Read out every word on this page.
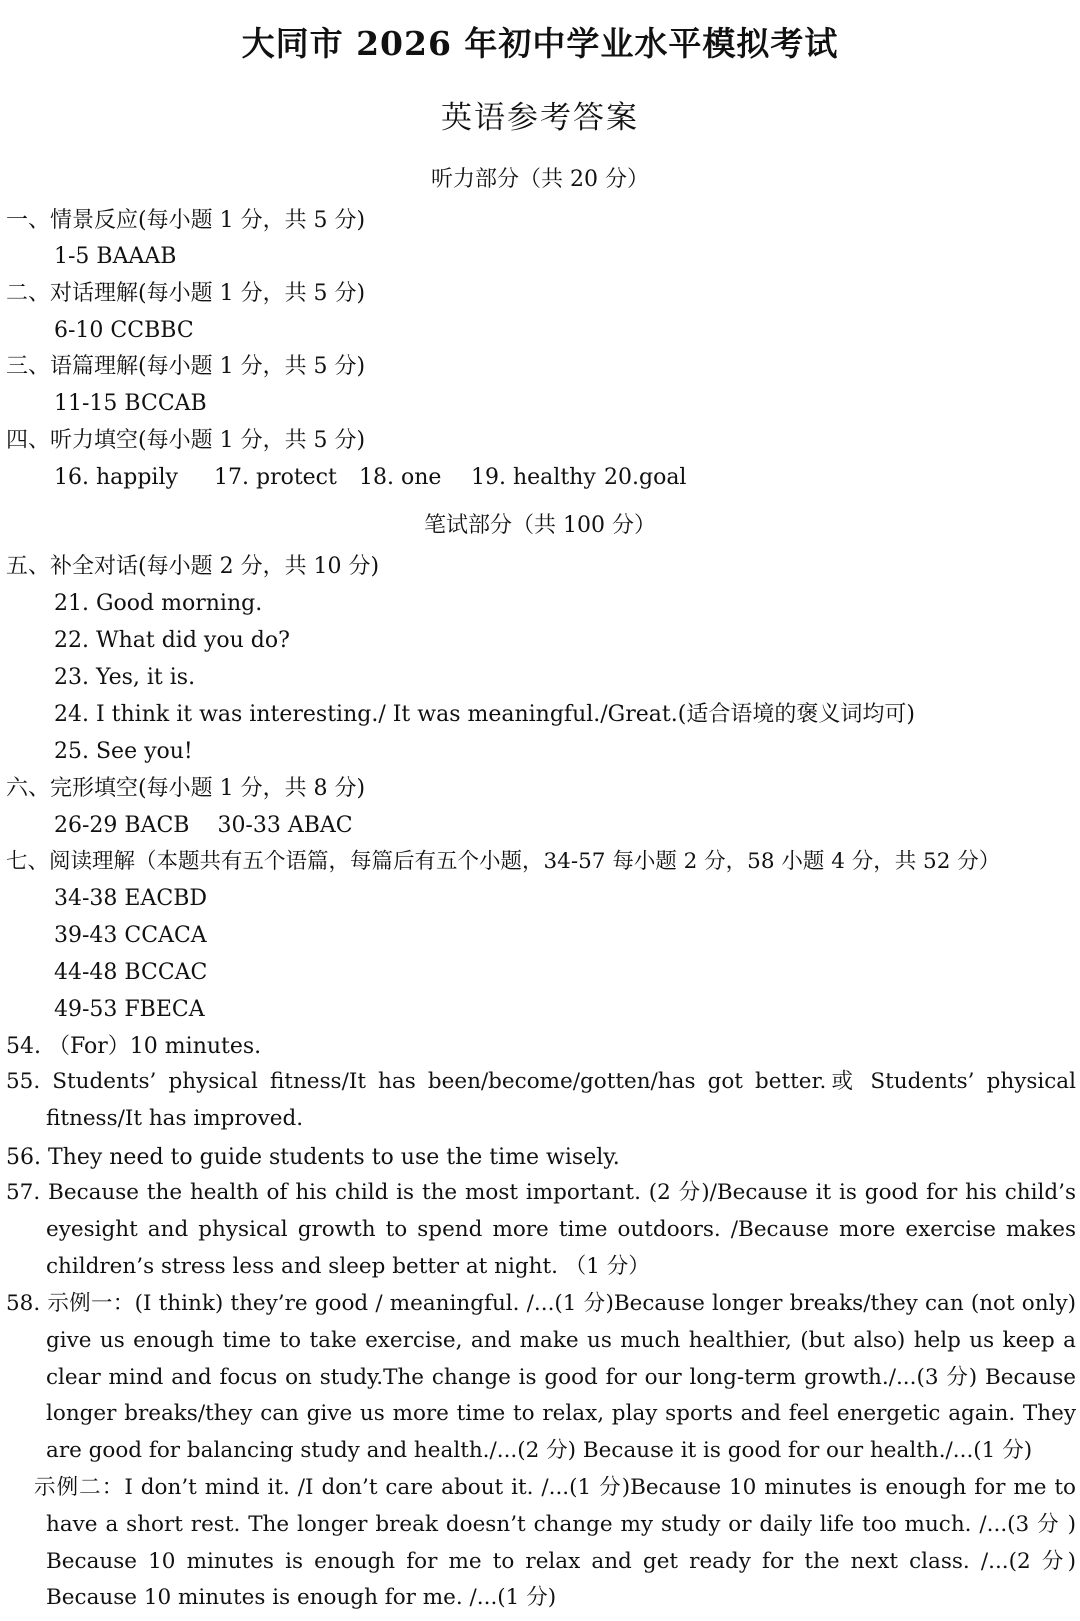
大同市 2026 年初中学业水平模拟考试
英语参考答案
听力部分（共 20 分）
一、情景反应(每小题 1 分，共 5 分)
1-5 BAAAB
二、对话理解(每小题 1 分，共 5 分)
6-10 CCBBC
三、语篇理解(每小题 1 分，共 5 分)
11-15 BCCAB
四、听力填空(每小题 1 分，共 5 分)
16. happily 17. protect 18. one 19. healthy 20.goal
笔试部分（共 100 分）
五、补全对话(每小题 2 分，共 10 分)
21. Good morning.
22. What did you do?
23. Yes, it is.
24. I think it was interesting./ It was meaningful./Great.(适合语境的褒义词均可)
25. See you!
六、完形填空(每小题 1 分，共 8 分)
26-29 BACB    30-33 ABAC
七、阅读理解（本题共有五个语篇，每篇后有五个小题，34-57 每小题 2 分，58 小题 4 分，共 52 分）
34-38 EACBD
39-43 CCACA
44-48 BCCAC
49-53 FBECA
54. （For）10 minutes.
55. Students’ physical fitness/It has been/become/gotten/has got better.或 Students’ physical fitness/It has improved.
56. They need to guide students to use the time wisely.
57. Because the health of his child is the most important. (2 分)/Because it is good for his child’s eyesight and physical growth to spend more time outdoors. /Because more exercise makes children’s stress less and sleep better at night. （1 分）
58. 示例一：(I think) they’re good / meaningful. /...(1 分)Because longer breaks/they can (not only) give us enough time to take exercise, and make us much healthier, (but also) help us keep a clear mind and focus on study.The change is good for our long-term growth./...(3 分) Because longer breaks/they can give us more time to relax, play sports and feel energetic again. They are good for balancing study and health./...(2 分) Because it is good for our health./...(1 分)
示例二：I don’t mind it. /I don’t care about it. /...(1 分)Because 10 minutes is enough for me to have a short rest. The longer break doesn’t change my study or daily life too much. /...(3 分 ) Because 10 minutes is enough for me to relax and get ready for the next class. /...(2 分) Because 10 minutes is enough for me. /...(1 分)
